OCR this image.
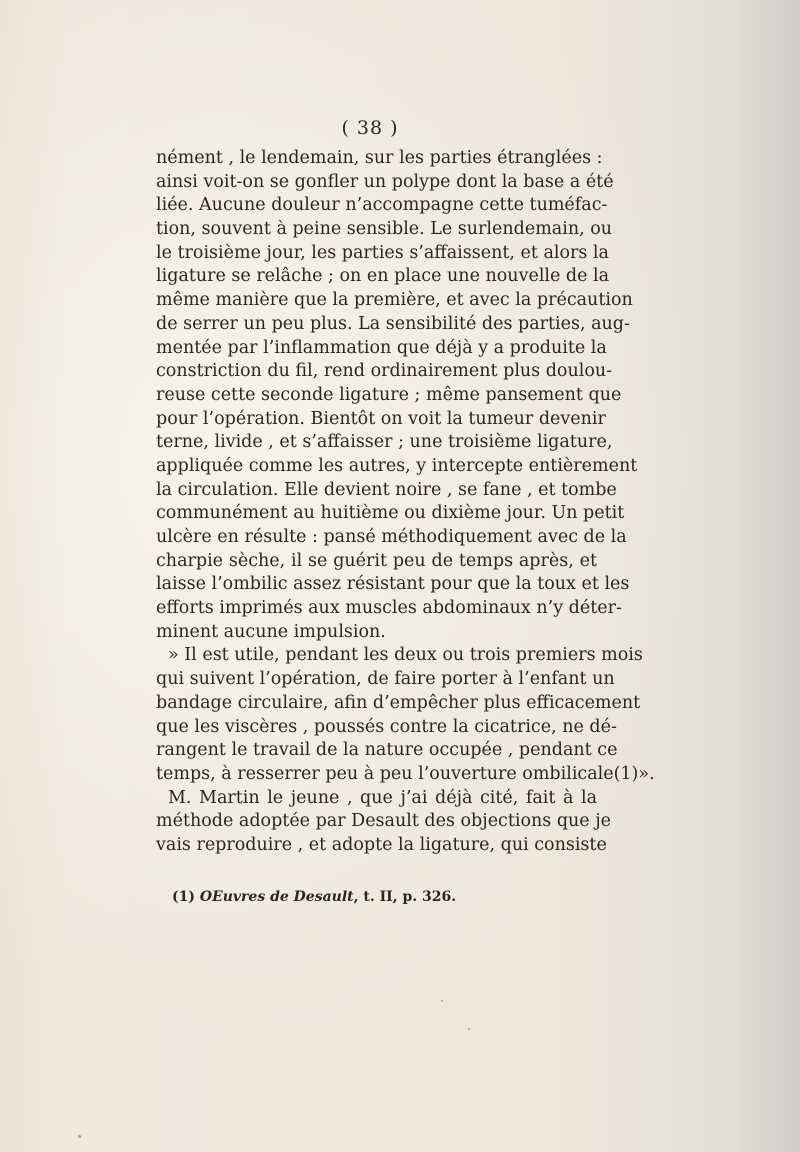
( 38 )
nément , le lendemain, sur les parties étranglées :
ainsi voit-on se gonfler un polype dont la base a été
liée. Aucune douleur n’accompagne cette tuméfac-
tion, souvent à peine sensible. Le surlendemain, ou
le troisième jour, les parties s’affaissent, et alors la
ligature se relâche ; on en place une nouvelle de la
même manière que la première, et avec la précaution
de serrer un peu plus. La sensibilité des parties, aug-
mentée par l’inflammation que déjà y a produite la
constriction du fil, rend ordinairement plus doulou-
reuse cette seconde ligature ; même pansement que
pour l’opération. Bientôt on voit la tumeur devenir
terne, livide , et s’affaisser ; une troisième ligature,
appliquée comme les autres, y intercepte entièrement
la circulation. Elle devient noire , se fane , et tombe
communément au huitième ou dixième jour. Un petit
ulcère en résulte : pansé méthodiquement avec de la
charpie sèche, il se guérit peu de temps après, et
laisse l’ombilic assez résistant pour que la toux et les
efforts imprimés aux muscles abdominaux n’y déter-
minent aucune impulsion.
» Il est utile, pendant les deux ou trois premiers mois
qui suivent l’opération, de faire porter à l’enfant un
bandage circulaire, afin d’empêcher plus efficacement
que les viscères , poussés contre la cicatrice, ne dé-
rangent le travail de la nature occupée , pendant ce
temps, à resserrer peu à peu l’ouverture ombilicale(1)».
M. Martin le jeune , que j’ai déjà cité, fait à la
méthode adoptée par Desault des objections que je
vais reproduire , et adopte la ligature, qui consiste
(1) OEuvres de Desault, t. II, p. 326.
